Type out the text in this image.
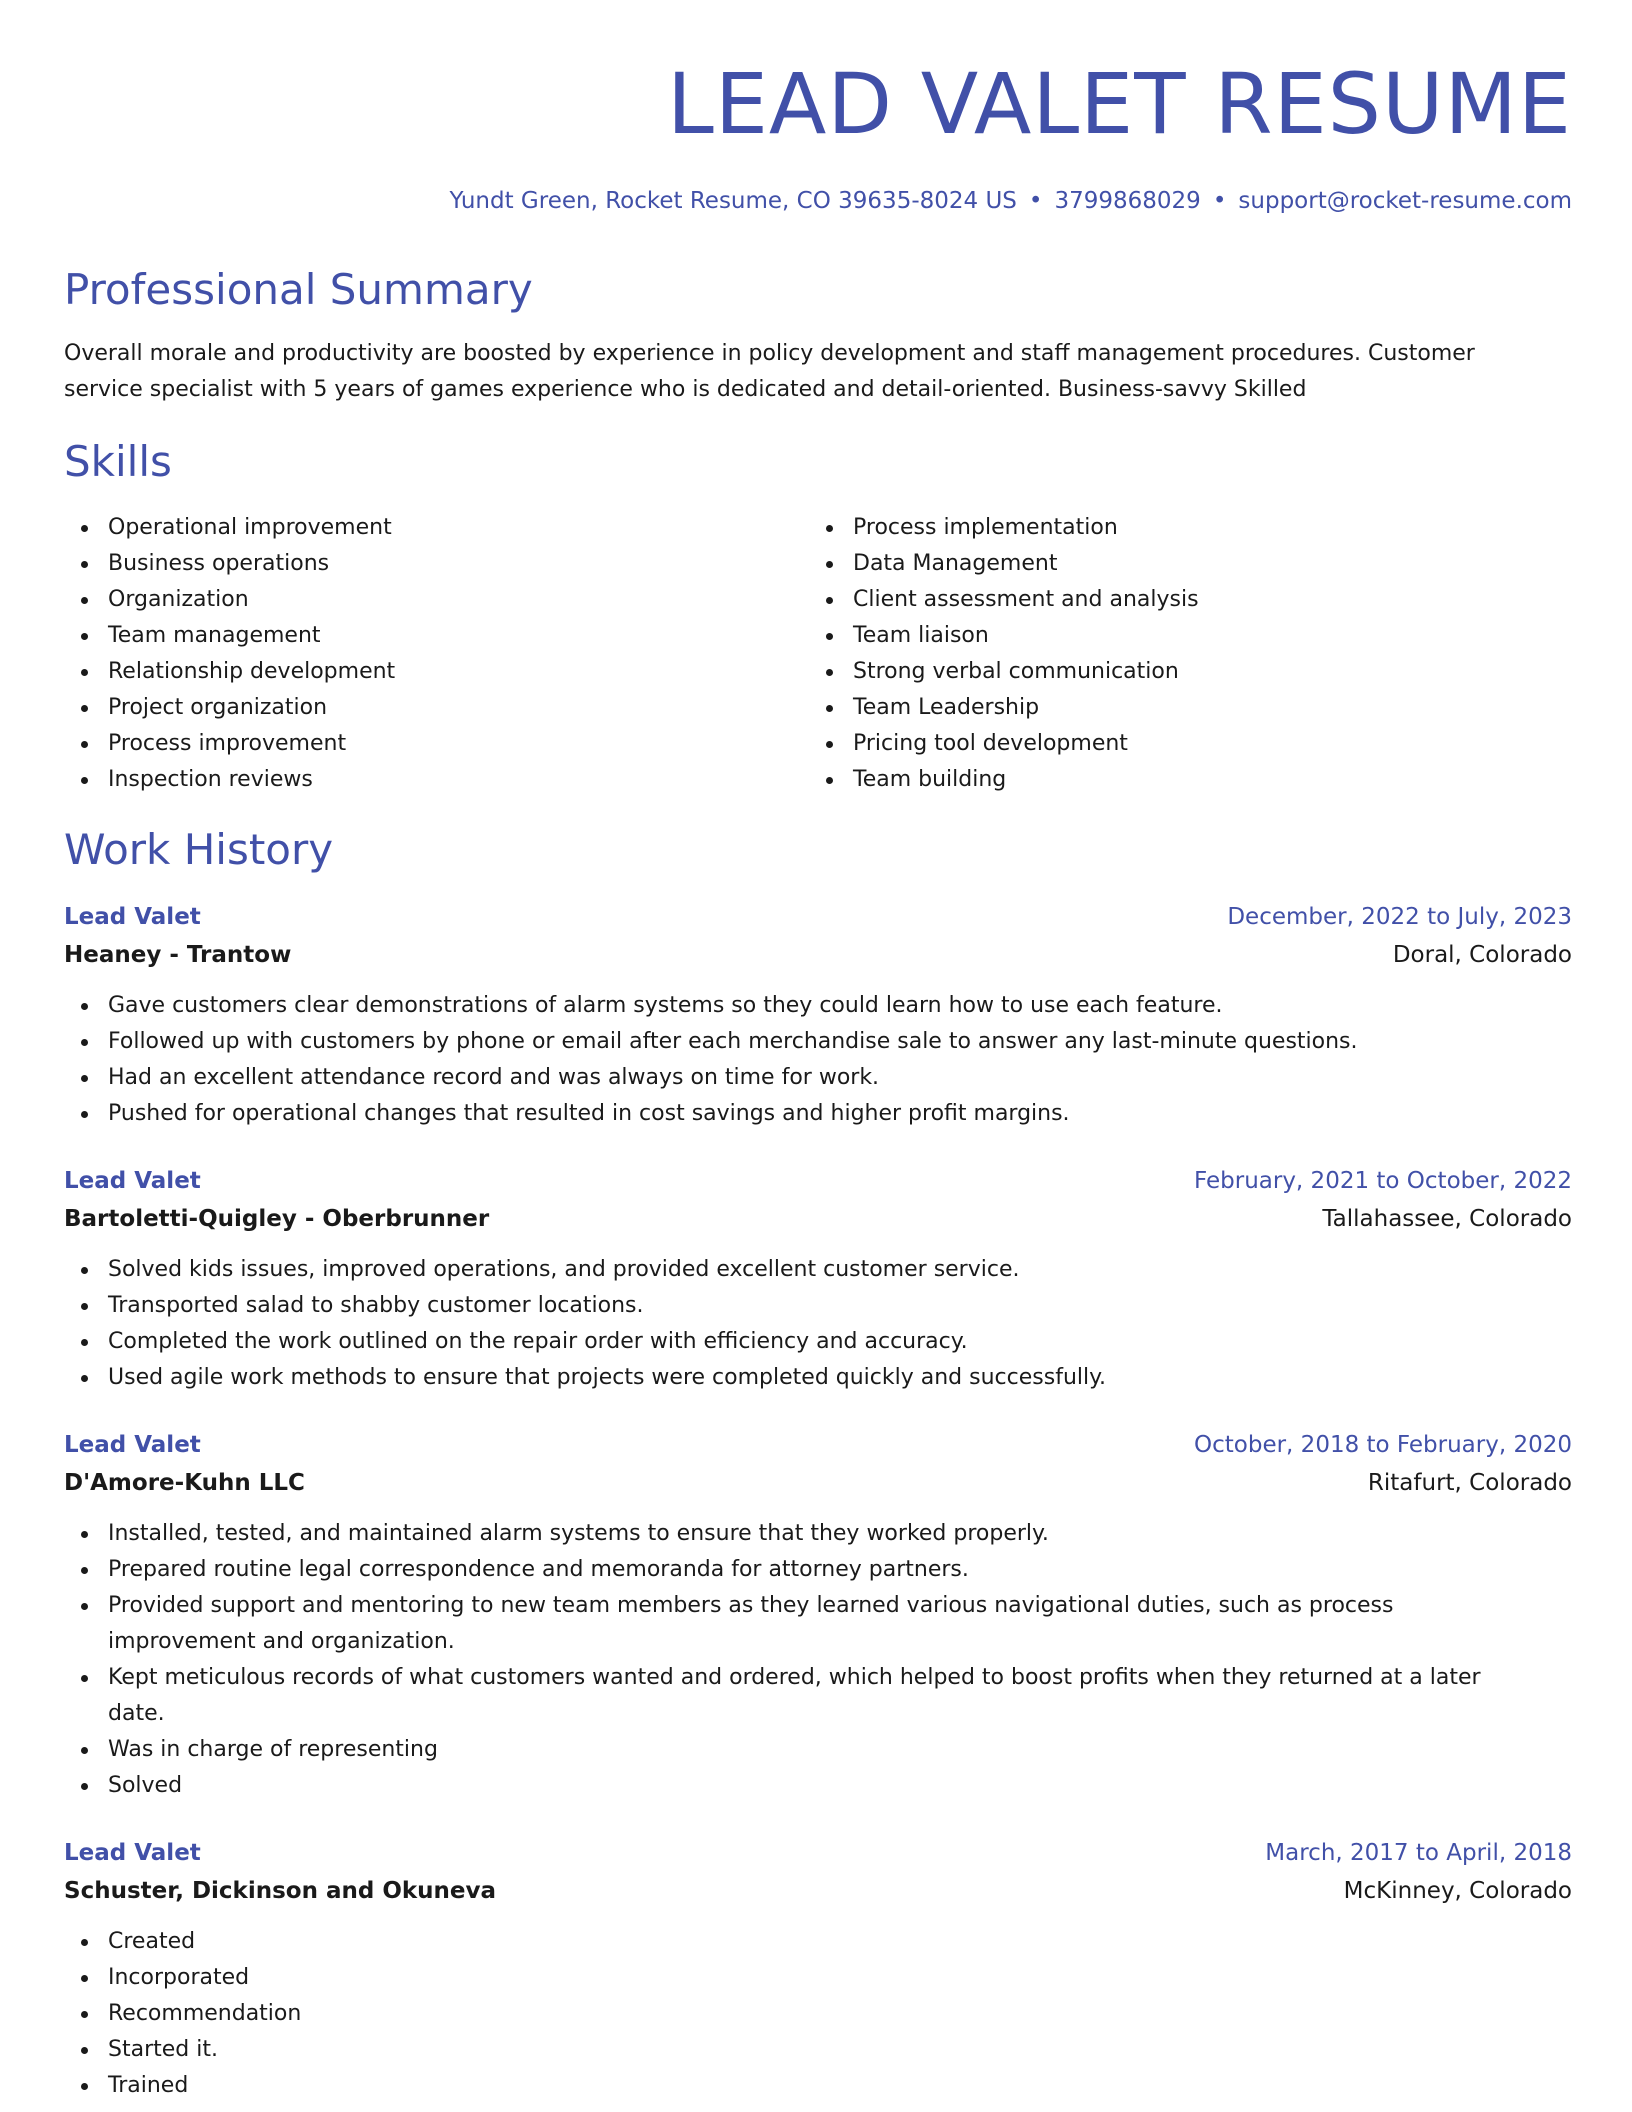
LEAD VALET RESUME
Yundt Green, Rocket Resume, CO 39635-8024 US • 3799868029 • support@rocket-resume.com
Professional Summary

Overall morale and productivity are boosted by experience in policy development and staff management procedures. Customer service specialist with 5 years of games experience who is dedicated and detail-oriented. Business-savvy Skilled

Skills
Operational improvement
Business operations
Organization
Team management
Relationship development
Project organization
Process improvement
Inspection reviews
Process implementation
Data Management
Client assessment and analysis
Team liaison
Strong verbal communication
Team Leadership
Pricing tool development
Team building
Work History
Lead Valet	December, 2022 to July, 2023
Heaney - Trantow	Doral, Colorado
Gave customers clear demonstrations of alarm systems so they could learn how to use each feature.
Followed up with customers by phone or email after each merchandise sale to answer any last-minute questions.
Had an excellent attendance record and was always on time for work.
Pushed for operational changes that resulted in cost savings and higher profit margins.
Lead Valet	February, 2021 to October, 2022
Bartoletti-Quigley - Oberbrunner	Tallahassee, Colorado
Solved kids issues, improved operations, and provided excellent customer service.
Transported salad to shabby customer locations.
Completed the work outlined on the repair order with efficiency and accuracy.
Used agile work methods to ensure that projects were completed quickly and successfully.
Lead Valet	October, 2018 to February, 2020
D'Amore-Kuhn LLC	Ritafurt, Colorado
Installed, tested, and maintained alarm systems to ensure that they worked properly.
Prepared routine legal correspondence and memoranda for attorney partners.
Provided support and mentoring to new team members as they learned various navigational duties, such as process improvement and organization.
Kept meticulous records of what customers wanted and ordered, which helped to boost profits when they returned at a later date.
Was in charge of representing
Solved
Lead Valet	March, 2017 to April, 2018
Schuster, Dickinson and Okuneva	McKinney, Colorado
Created
Incorporated
Recommendation
Started it.
Trained
